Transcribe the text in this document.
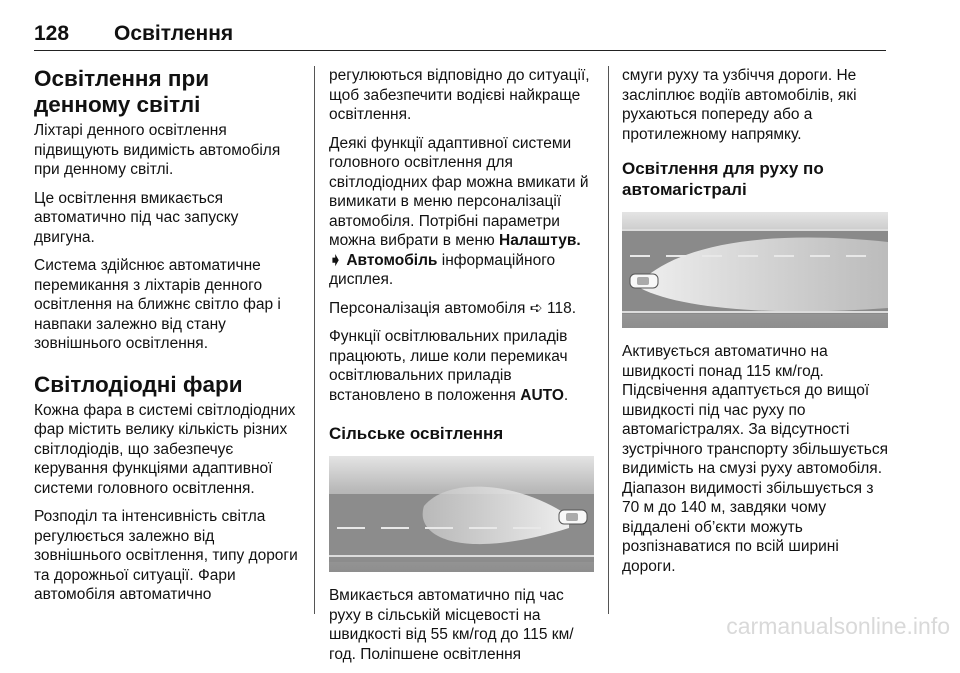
128 Освітлення
Освітлення при денному світлі

Ліхтарі денного освітлення підвищують видимість автомобіля при денному світлі.

Це освітлення вмикається автоматично під час запуску двигуна.

Система здійснює автоматичне перемикання з ліхтарів денного освітлення на ближнє світло фар і навпаки залежно від стану зовнішнього освітлення.

Світлодіодні фари

Кожна фара в системі світлодіодних фар містить велику кількість різних світлодіодів, що забезпечує керування функціями адаптивної системи головного освітлення.

Розподіл та інтенсивність світла регулюється залежно від зовнішнього освітлення, типу дороги та дорожньої ситуації. Фари автомобіля автоматично

регулюються відповідно до ситуації, щоб забезпечити водієві найкраще освітлення.

Деякі функції адаптивної системи головного освітлення для світлодіодних фар можна вмикати й вимикати в меню персоналізації автомобіля. Потрібні параметри можна вибрати в меню Налаштув. ➧ Автомобіль інформаційного дисплея.

Персоналізація автомобіля ➪ 118.

Функції освітлювальних приладів працюють, лише коли перемикач освітлювальних приладів встановлено в положення AUTO.

Сільське освітлення

Вмикається автоматично під час руху в сільській місцевості на швидкості від 55 км/год до 115 км/год. Поліпшене освітлення

смуги руху та узбіччя дороги. Не засліплює водіїв автомобілів, які рухаються попереду або а протилежному напрямку.

Освітлення для руху по автомагістралі

Активується автоматично на швидкості понад 115 км/год. Підсвічення адаптується до вищої швидкості під час руху по автомагістралях. За відсутності зустрічного транспорту збільшується видимість на смузі руху автомобіля. Діапазон видимості збільшується з 70 м до 140 м, завдяки чому віддалені об’єкти можуть розпізнаватися по всій ширині дороги.

carmanualsonline.info
